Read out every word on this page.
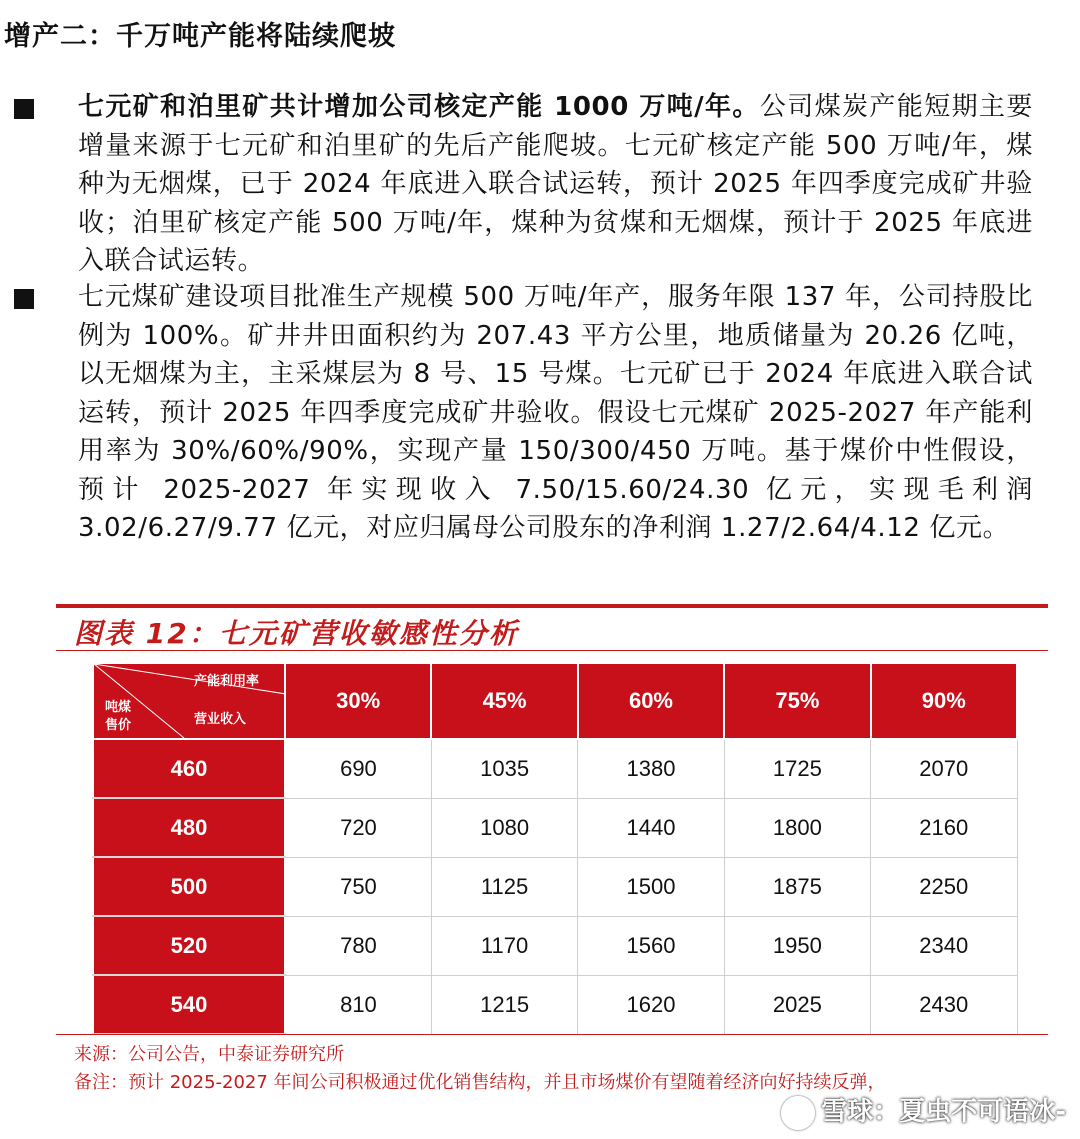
增产二：千万吨产能将陆续爬坡
七元矿和泊里矿共计增加公司核定产能 1000 万吨/年。公司煤炭产能短期主要增量来源于七元矿和泊里矿的先后产能爬坡。七元矿核定产能 500 万吨/年，煤种为无烟煤，已于 2024 年底进入联合试运转，预计 2025 年四季度完成矿井验收；泊里矿核定产能 500 万吨/年，煤种为贫煤和无烟煤，预计于 2025 年底进入联合试运转。
七元煤矿建设项目批准生产规模 500 万吨/年产，服务年限 137 年，公司持股比例为 100%。矿井井田面积约为 207.43 平方公里，地质储量为 20.26 亿吨，以无烟煤为主，主采煤层为 8 号、15 号煤。七元矿已于 2024 年底进入联合试运转，预计 2025 年四季度完成矿井验收。假设七元煤矿 2025-2027 年产能利用率为 30%/60%/90%，实现产量 150/300/450 万吨。基于煤价中性假设，预计 2025-2027 年实现收入 7.50/15.60/24.30 亿元，实现毛利润 3.02/6.27/9.77 亿元，对应归属母公司股东的净利润 1.27/2.64/4.12 亿元。
图表 12：七元矿营收敏感性分析
产能利用率
营业收入
吨煤售价	30%	45%	60%	75%	90%
460	690	1035	1380	1725	2070
480	720	1080	1440	1800	2160
500	750	1125	1500	1875	2250
520	780	1170	1560	1950	2340
540	810	1215	1620	2025	2430
来源：公司公告，中泰证券研究所
备注：预计 2025-2027 年间公司积极通过优化销售结构，并且市场煤价有望随着经济向好持续反弹，
雪球：夏虫不可语冰-
